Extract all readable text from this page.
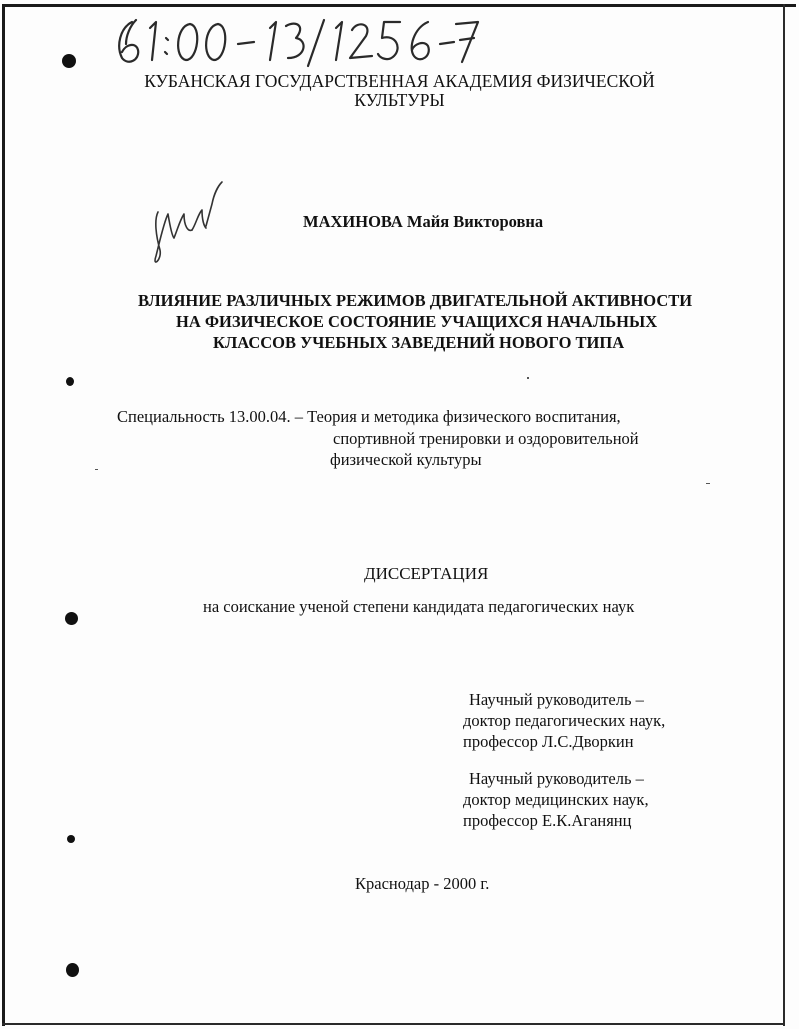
КУБАНСКАЯ ГОСУДАРСТВЕННАЯ АКАДЕМИЯ ФИЗИЧЕСКОЙ
КУЛЬТУРЫ
МАХИНОВА Майя Викторовна
ВЛИЯНИЕ РАЗЛИЧНЫХ РЕЖИМОВ ДВИГАТЕЛЬНОЙ АКТИВНОСТИ
НА ФИЗИЧЕСКОЕ СОСТОЯНИЕ УЧАЩИХСЯ НАЧАЛЬНЫХ
КЛАССОВ УЧЕБНЫХ ЗАВЕДЕНИЙ НОВОГО ТИПА
Специальность 13.00.04. – Теория и методика физического воспитания,
спортивной тренировки и оздоровительной
физической культуры
ДИССЕРТАЦИЯ
на соискание ученой степени кандидата педагогических наук
Научный руководитель –
доктор педагогических наук,
профессор Л.С.Дворкин
Научный руководитель –
доктор медицинских наук,
профессор Е.К.Аганянц
Краснодар - 2000 г.
